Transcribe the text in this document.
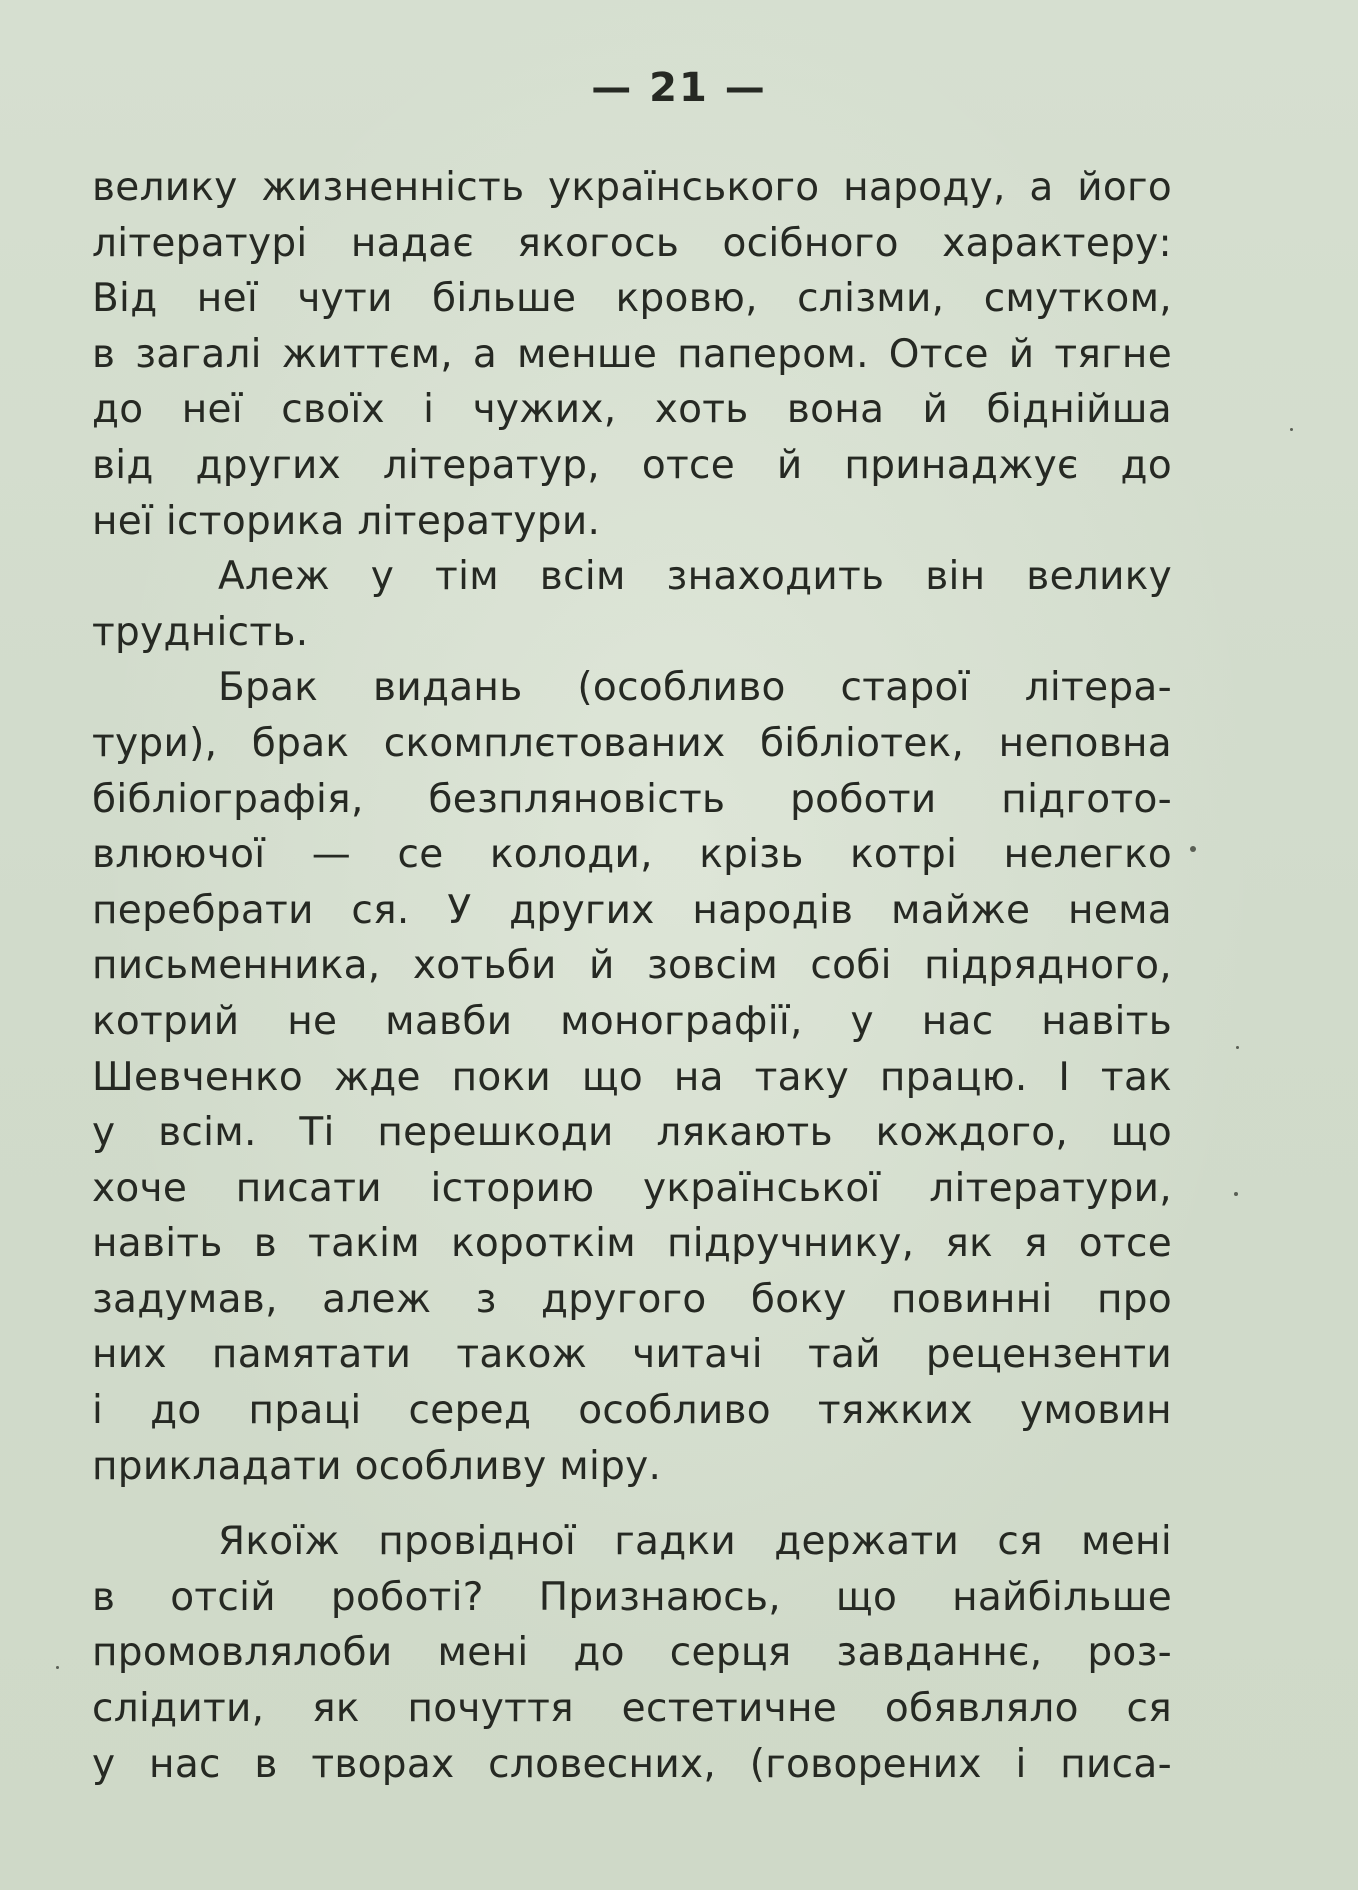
— 21 —
велику жизненність українського народу, а його
літературі надає якогось осібного характеру:
Від неї чути більше кровю, слізми, смутком,
в загалі життєм, а менше папером. Отсе й тягне
до неї своїх і чужих, хоть вона й біднійша
від других літератур, отсе й принаджує до
неї історика літератури.
Алеж у тім всім знаходить він велику
трудність.
Брак видань (особливо старої літера-
тури), брак скомплєтованих бібліотек, неповна
бібліографія, безпляновість роботи підгото-
влюючої — се колоди, крізь котрі нелегко
перебрати ся. У других народів майже нема
письменника, хотьби й зовсім собі підрядного,
котрий не мавби монографії, у нас навіть
Шевченко жде поки що на таку працю. І так
у всім. Ті перешкоди лякають кождого, що
хоче писати історию української літератури,
навіть в такім короткім підручнику, як я отсе
задумав, алеж з другого боку повинні про
них памятати також читачі тай рецензенти
і до праці серед особливо тяжких умовин
прикладати особливу міру.
Якоїж провідної гадки держати ся мені
в отсій роботі? Признаюсь, що найбільше
промовлялоби мені до серця завданнє, роз-
слідити, як почуття естетичне обявляло ся
у нас в творах словесних, (говорених і писа-
